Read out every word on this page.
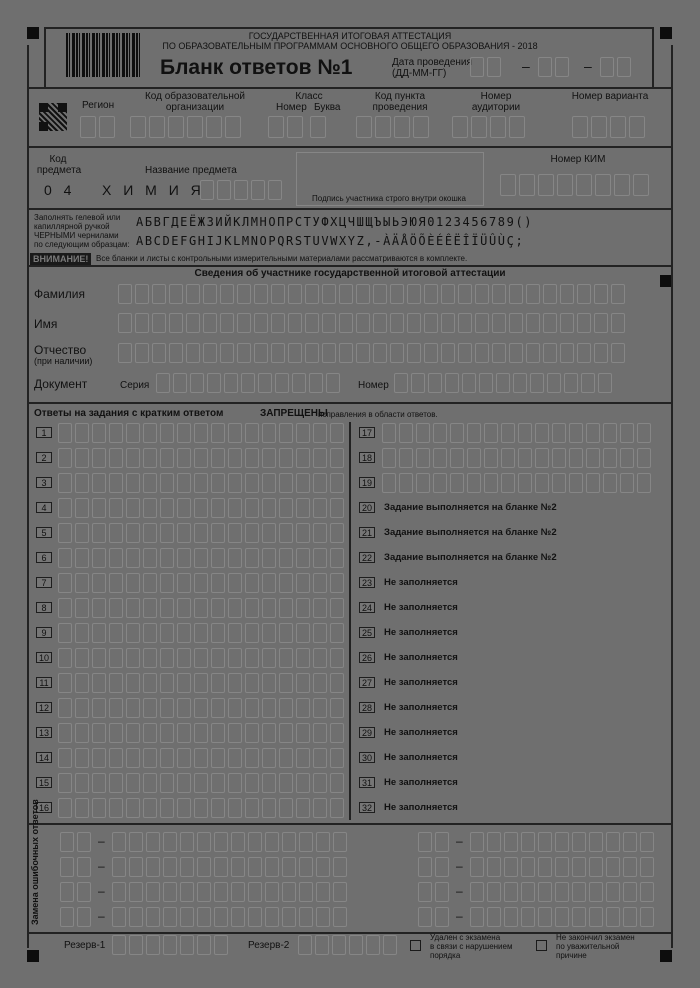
ГОСУДАРСТВЕННАЯ ИТОГОВАЯ АТТЕСТАЦИЯ
ПО ОБРАЗОВАТЕЛЬНЫМ ПРОГРАММАМ ОСНОВНОГО ОБЩЕГО ОБРАЗОВАНИЯ - 2018
Бланк ответов №1	Дата проведения
(ДД-ММ-ГГ)	–	–
Регион
Код образовательной
организации
Класс
Номер Буква
Код пункта
проведения
Номер
аудитории
Номер варианта
Код
предмета
0 4
Название предмета
Х И М И Я
Подпись участника строго внутри окошка
Номер КИМ
Заполнять гелевой или
капиллярной ручкой
ЧЕРНЫМИ чернилами
по следующим образцам:
АБВГДЕЁЖЗИЙКЛМНОПРСТУФХЦЧШЩЪЫЬЭЮЯ0123456789()
ABCDEFGHIJKLMNOPQRSTUVWXYZ,-ÀÄÅÖÕÈÉÊËÎÏÜÛÙÇ;
ВНИМАНИЕ! Все бланки и листы с контрольными измерительными материалами рассматриваются в комплекте.
Сведения об участнике государственной итоговой аттестации
Фамилия
Имя
Отчество
(при наличии)
Документ	Серия	Номер
Ответы на задания с кратким ответом	ЗАПРЕЩЕНЫ
исправления в области ответов.
1
2
3
4
5
6
7
8
9
10
11
12
13
14
15
16
17
18
19
20	Задание выполняется на бланке №2
21	Задание выполняется на бланке №2
22	Задание выполняется на бланке №2
23	Не заполняется
24	Не заполняется
25	Не заполняется
26	Не заполняется
27	Не заполняется
28	Не заполняется
29	Не заполняется
30	Не заполняется
31	Не заполняется
32	Не заполняется
Замена ошибочных ответов	–	–
–	–
–	–
–	–
Резерв-1	Резерв-2
Удален с экзамена
в связи с нарушением
порядка
Не закончил экзамен
по уважительной
причине
